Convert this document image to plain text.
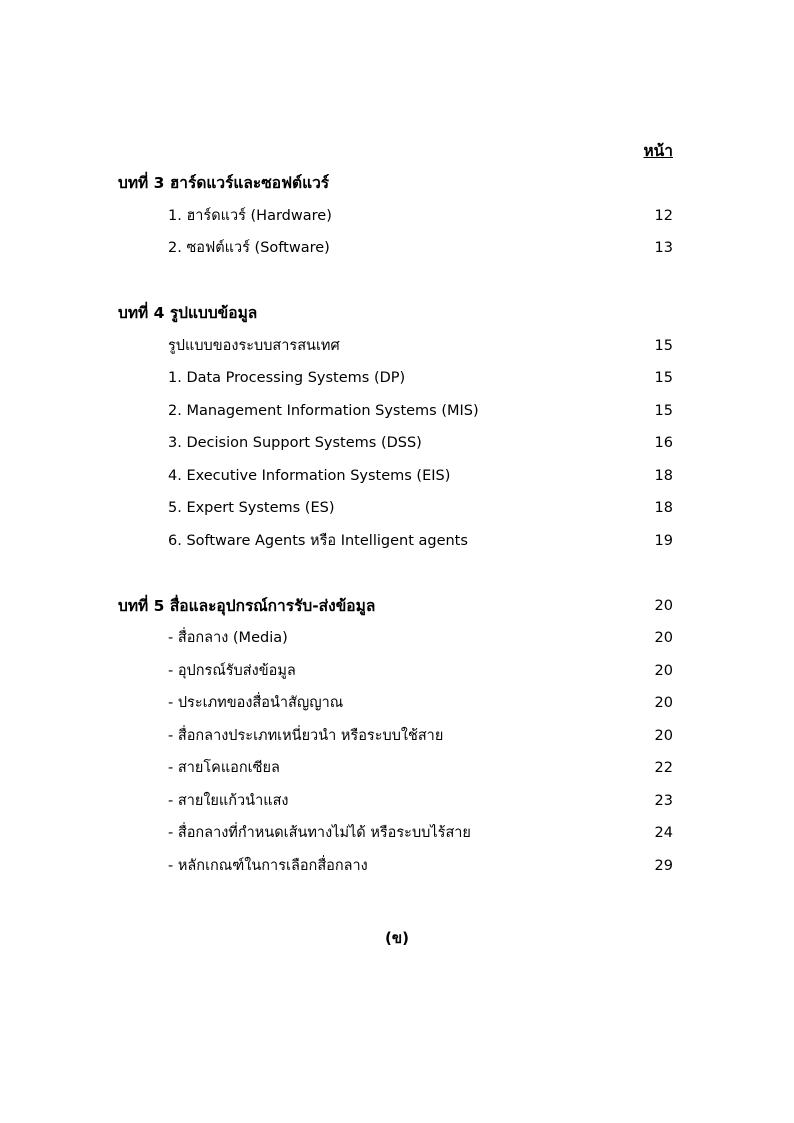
หน้า
บทที่ 3 ฮาร์ดแวร์และซอฟต์แวร์
1. ฮาร์ดแวร์ (Hardware)	12
2. ซอฟต์แวร์ (Software)	13
บทที่ 4 รูปแบบข้อมูล
รูปแบบของระบบสารสนเทศ	15
1. Data Processing Systems (DP)	15
2. Management Information Systems (MIS)	15
3. Decision Support Systems (DSS)	16
4. Executive Information Systems (EIS)	18
5. Expert Systems (ES)	18
6. Software Agents หรือ Intelligent agents	19
บทที่ 5 สื่อและอุปกรณ์การรับ-ส่งข้อมูล	20
- สื่อกลาง (Media)	20
- อุปกรณ์รับส่งข้อมูล	20
- ประเภทของสื่อนำสัญญาณ	20
- สื่อกลางประเภทเหนี่ยวนำ หรือระบบใช้สาย	20
- สายโคแอกเซียล	22
- สายใยแก้วนำแสง	23
- สื่อกลางที่กำหนดเส้นทางไม่ได้ หรือระบบไร้สาย	24
- หลักเกณฑ์ในการเลือกสื่อกลาง	29
(ข)
